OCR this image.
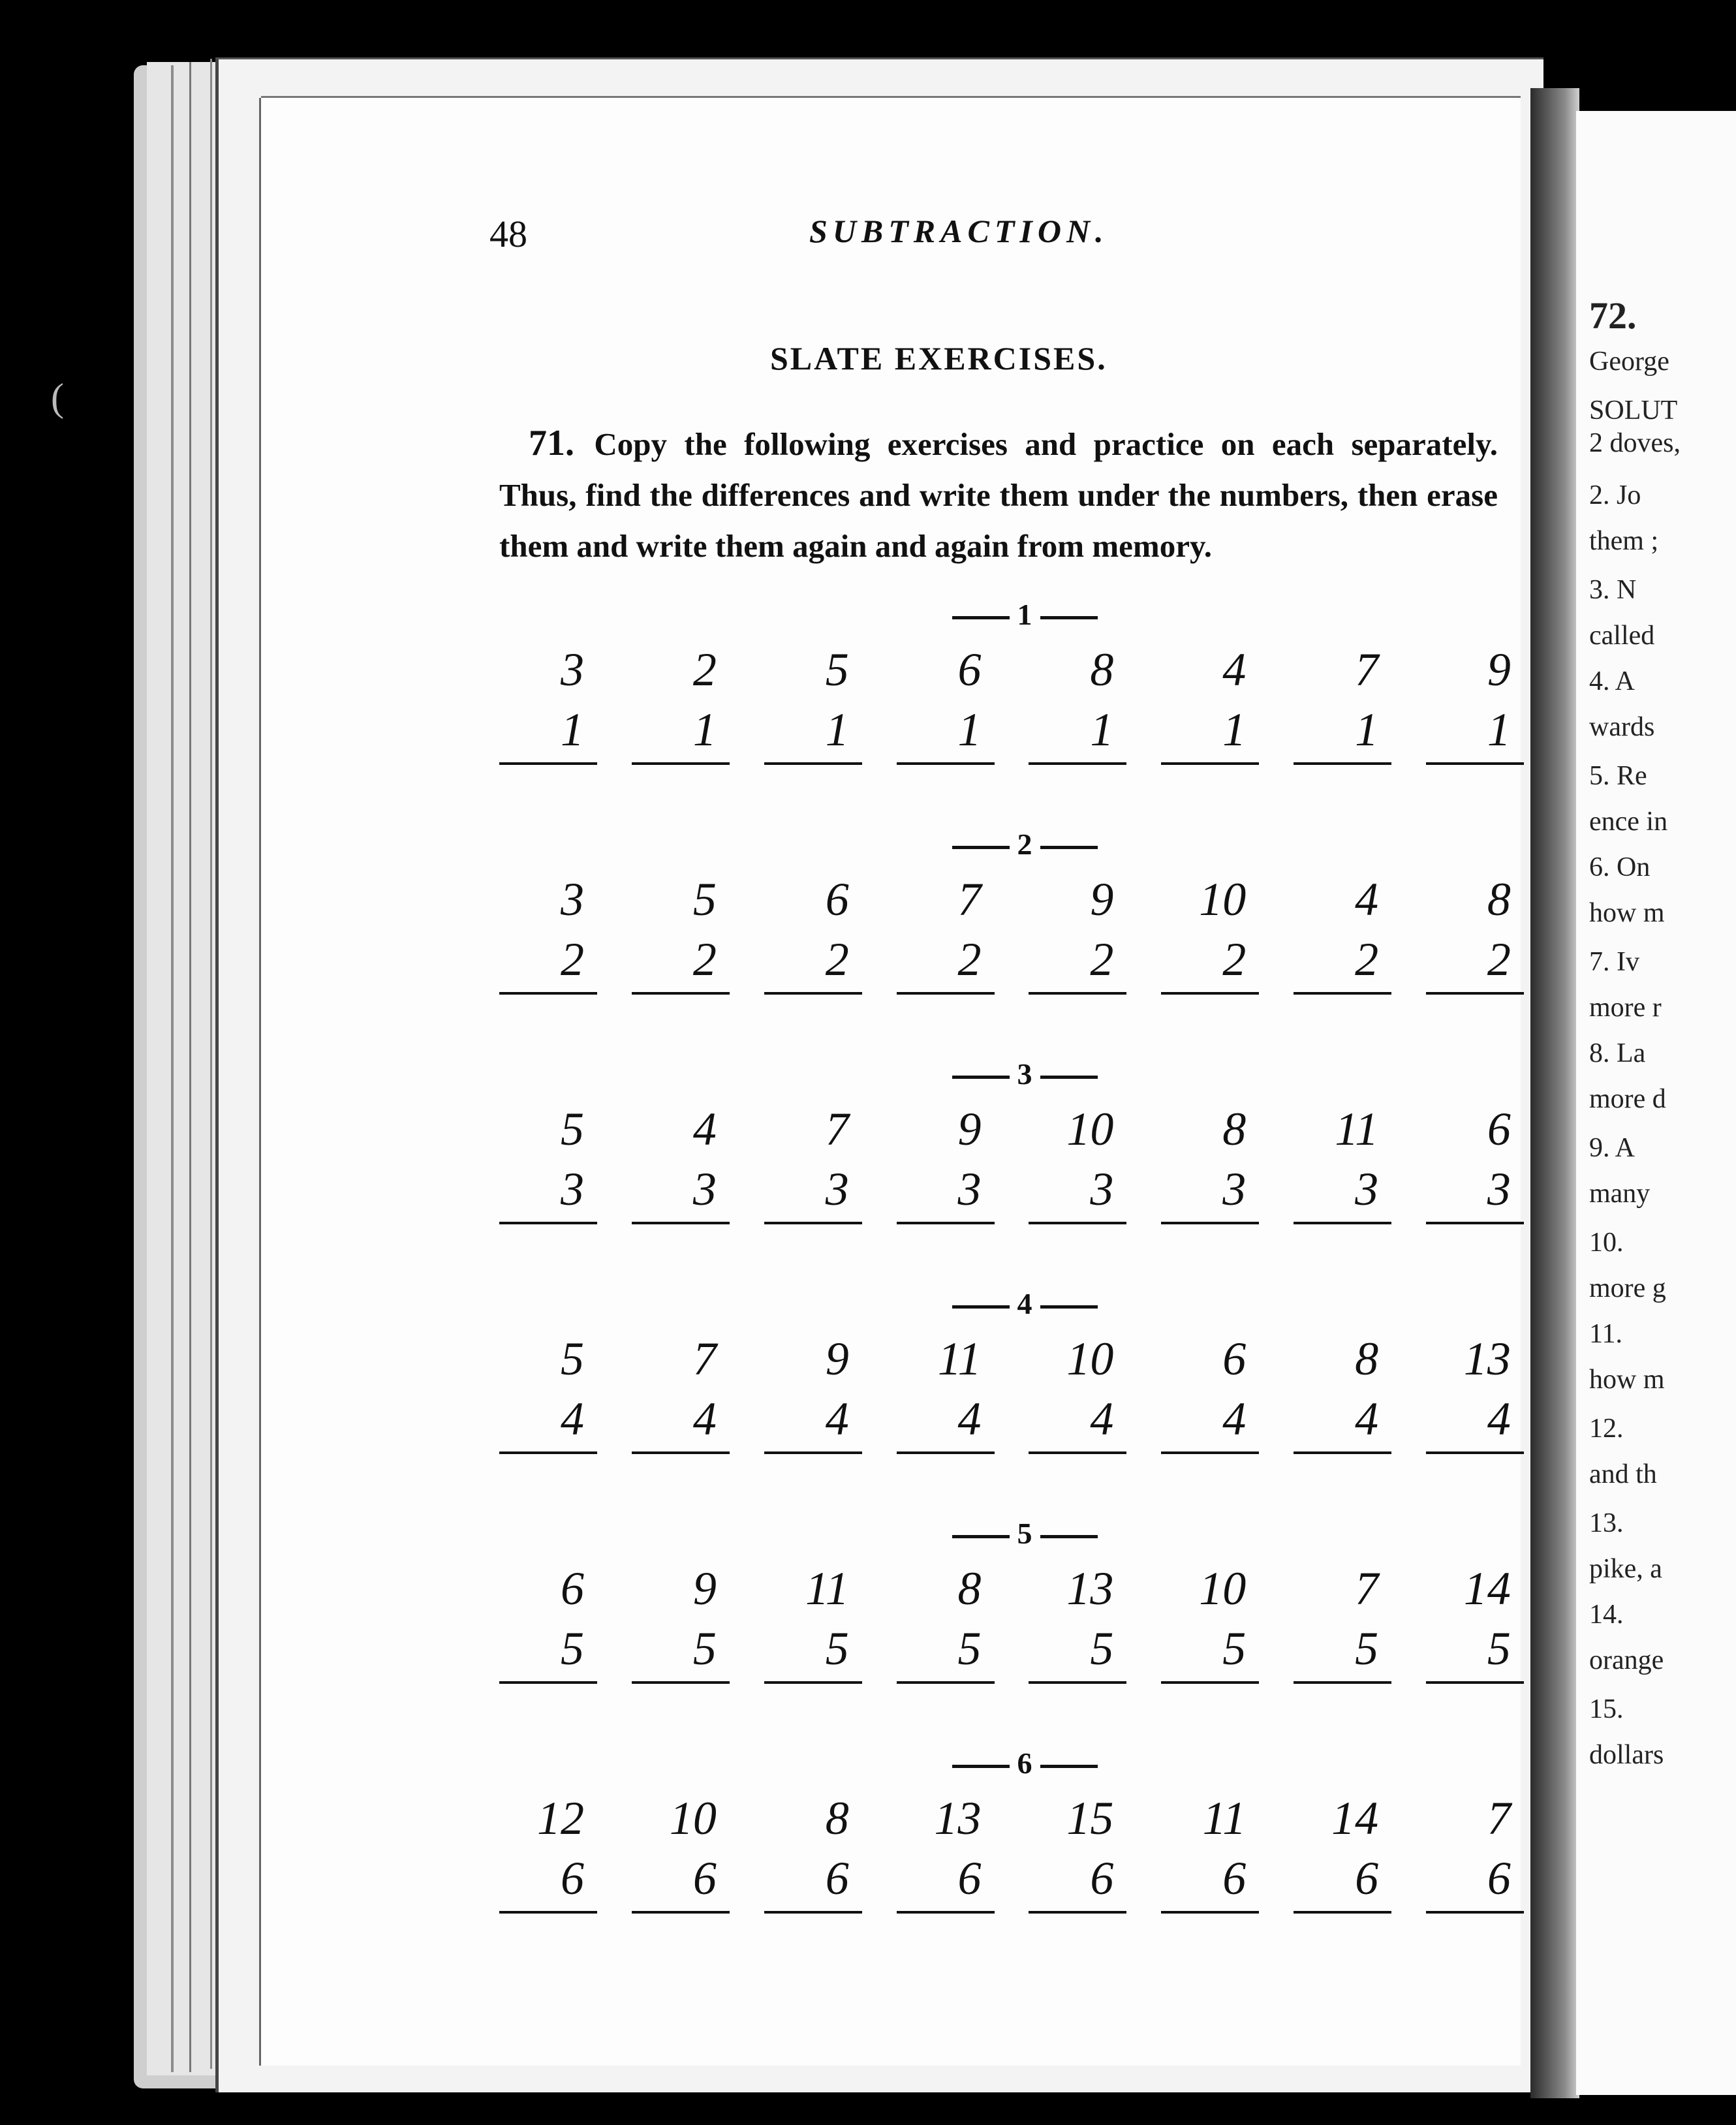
(
48	SUBTRACTION.
SLATE EXERCISES.
71. Copy the following exercises and practice on each separately. Thus, find the differences and write them under the numbers, then erase them and write them again and again from memory.
1
3
1
2
1
5
1
6
1
8
1
4
1
7
1
9
1
2
3
2
5
2
6
2
7
2
9
2
10
2
4
2
8
2
3
5
3
4
3
7
3
9
3
10
3
8
3
11
3
6
3
4
5
4
7
4
9
4
11
4
10
4
6
4
8
4
13
4
5
6
5
9
5
11
5
8
5
13
5
10
5
7
5
14
5
6
12
6
10
6
8
6
13
6
15
6
11
6
14
6
7
6
72.
George
SOLUT
2 doves,
2. Jo
them ;
3. N
called
4. A
wards
5. Re
ence in
6. On
how m
7. Iv
more r
8. La
more d
9. A
many
10.
more g
11.
how m
12.
and th
13.
pike, a
14.
orange
15.
dollars
